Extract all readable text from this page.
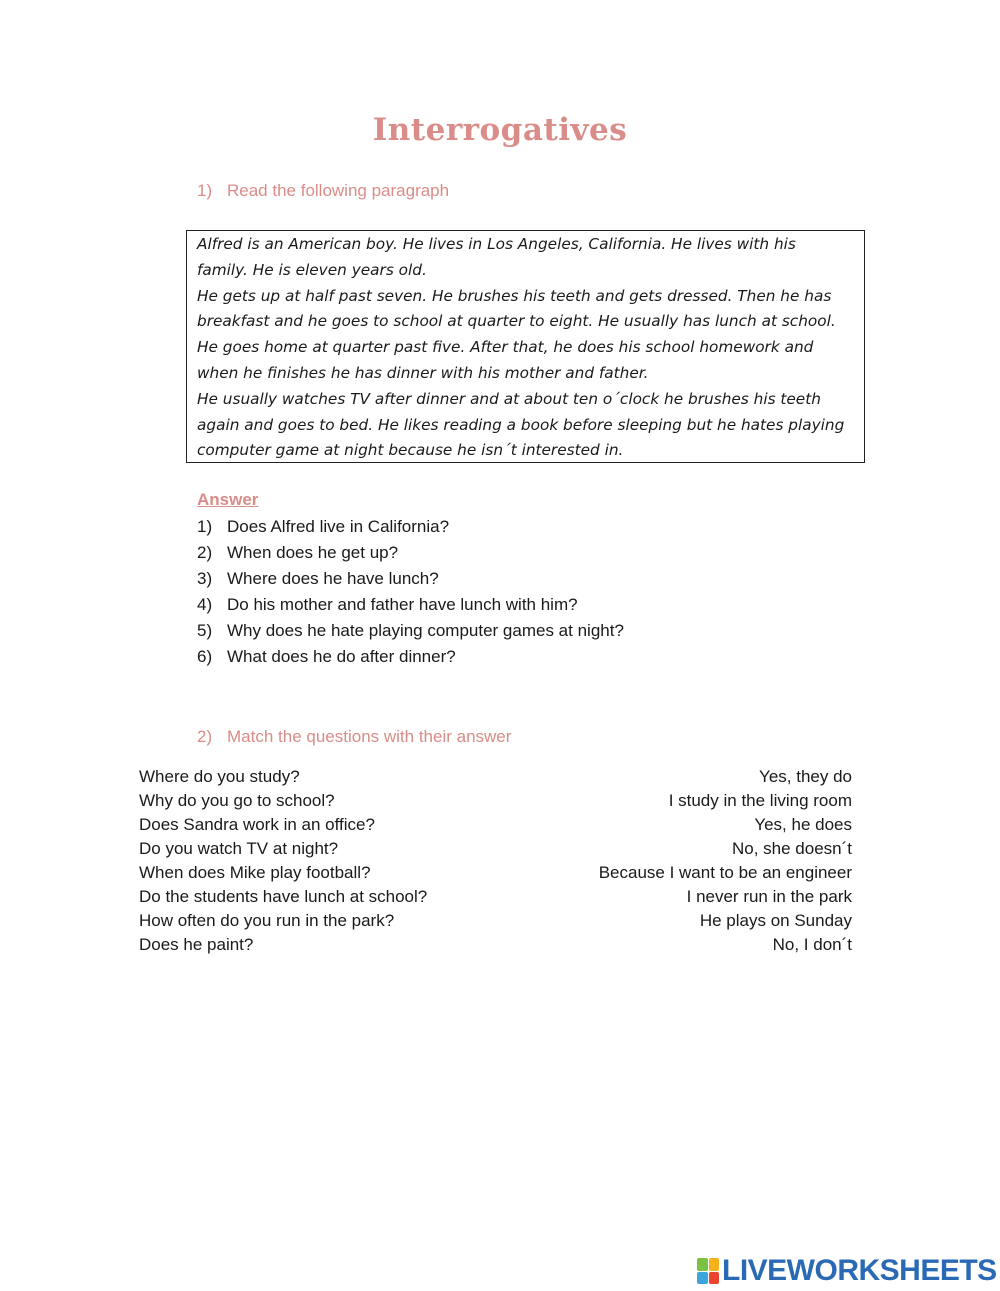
Interrogatives
1) Read the following paragraph

Alfred is an American boy. He lives in Los Angeles, California. He lives with his

family. He is eleven years old.

He gets up at half past seven. He brushes his teeth and gets dressed. Then he has

breakfast and he goes to school at quarter to eight. He usually has lunch at school.

He goes home at quarter past five. After that, he does his school homework and

when he finishes he has dinner with his mother and father.

He usually watches TV after dinner and at about ten o´clock he brushes his teeth

again and goes to bed. He likes reading a book before sleeping but he hates playing

computer game at night because he isn´t interested in.

Answer
1) Does Alfred live in California?
2) When does he get up?
3) Where does he have lunch?
4) Do his mother and father have lunch with him?
5) Why does he hate playing computer games at night?
6) What does he do after dinner?
2) Match the questions with their answer
Where do you study?
Why do you go to school?
Does Sandra work in an office?
Do you watch TV at night?
When does Mike play football?
Do the students have lunch at school?
How often do you run in the park?
Does he paint?
Yes, they do
I study in the living room
Yes, he does
No, she doesn´t
Because I want to be an engineer
I never run in the park
He plays on Sunday
No, I don´t
LIVEWORKSHEETS
